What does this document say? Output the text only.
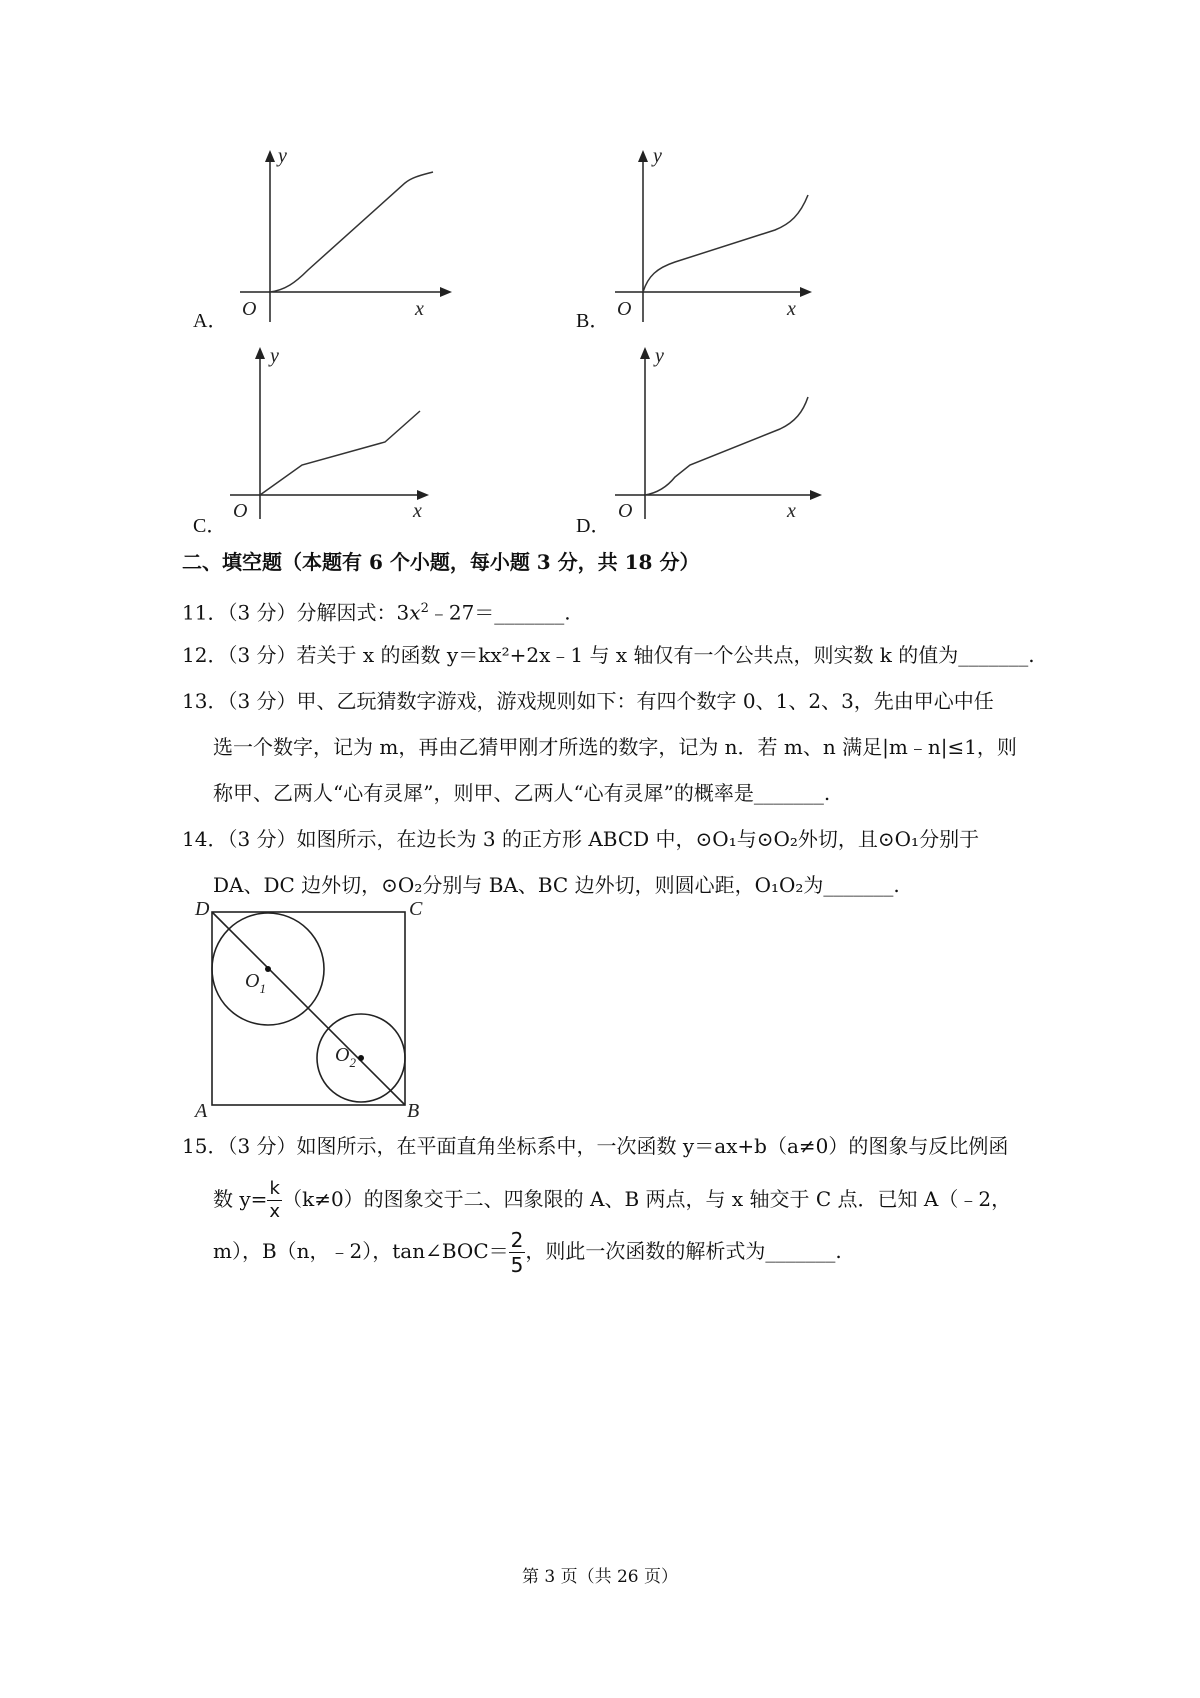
y
x
O
A．
y
x
O
B．
y
x
O
C．
y
x
O
D．
二、填空题（本题有 6 个小题，每小题 3 分，共 18 分）
11．（3 分）分解因式：$3x^2﹣27=\_\_\_\_\_\_\_$.
12．（3 分）若关于 x 的函数 y＝kx²+2x﹣1 与 x 轴仅有一个公共点，则实数 k 的值为_______.
13．（3 分）甲、乙玩猜数字游戏，游戏规则如下：有四个数字 0、1、2、3，先由甲心中任
选一个数字，记为 m，再由乙猜甲刚才所选的数字，记为 n．若 m、n 满足|m﹣n|≤1，则
称甲、乙两人“心有灵犀”，则甲、乙两人“心有灵犀”的概率是_______.
14．（3 分）如图所示，在边长为 3 的正方形 ABCD 中，⊙O₁与⊙O₂外切，且⊙O₁分别于
DA、DC 边外切，⊙O₂分别与 BA、BC 边外切，则圆心距，O₁O₂为_______.
D	C
A	B
$O_1$
$O_2$
15．（3 分）如图所示，在平面直角坐标系中，一次函数 y＝ax+b（a≠0）的图象与反比例函
数 $y= \frac{k}{x} (k\ne 0)$的图象交于二、四象限的 A、B 两点，与 x 轴交于 C 点．已知 A（﹣2，
m），B（n，﹣2），tan∠BOC＝ $\frac{2}{5}$ ，则此一次函数的解析式为_______.
第 3 页（共 26 页）
